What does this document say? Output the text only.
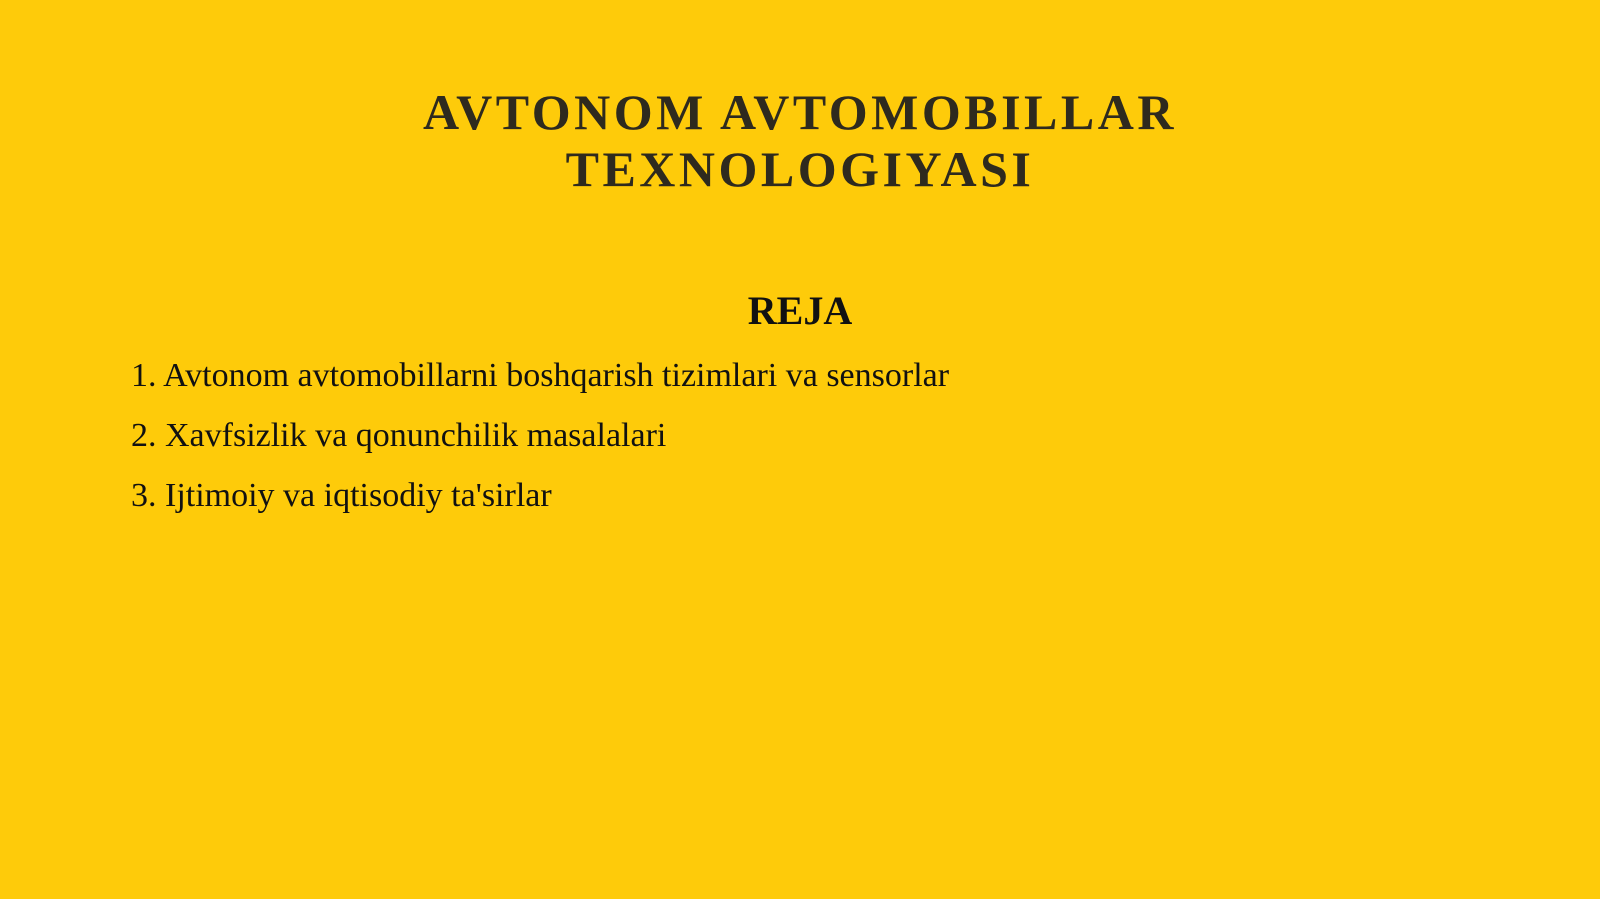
AVTONOM AVTOMOBILLAR
TEXNOLOGIYASI
REJA
1. Avtonom avtomobillarni boshqarish tizimlari va sensorlar
2. Xavfsizlik va qonunchilik masalalari
3. Ijtimoiy va iqtisodiy ta'sirlar
